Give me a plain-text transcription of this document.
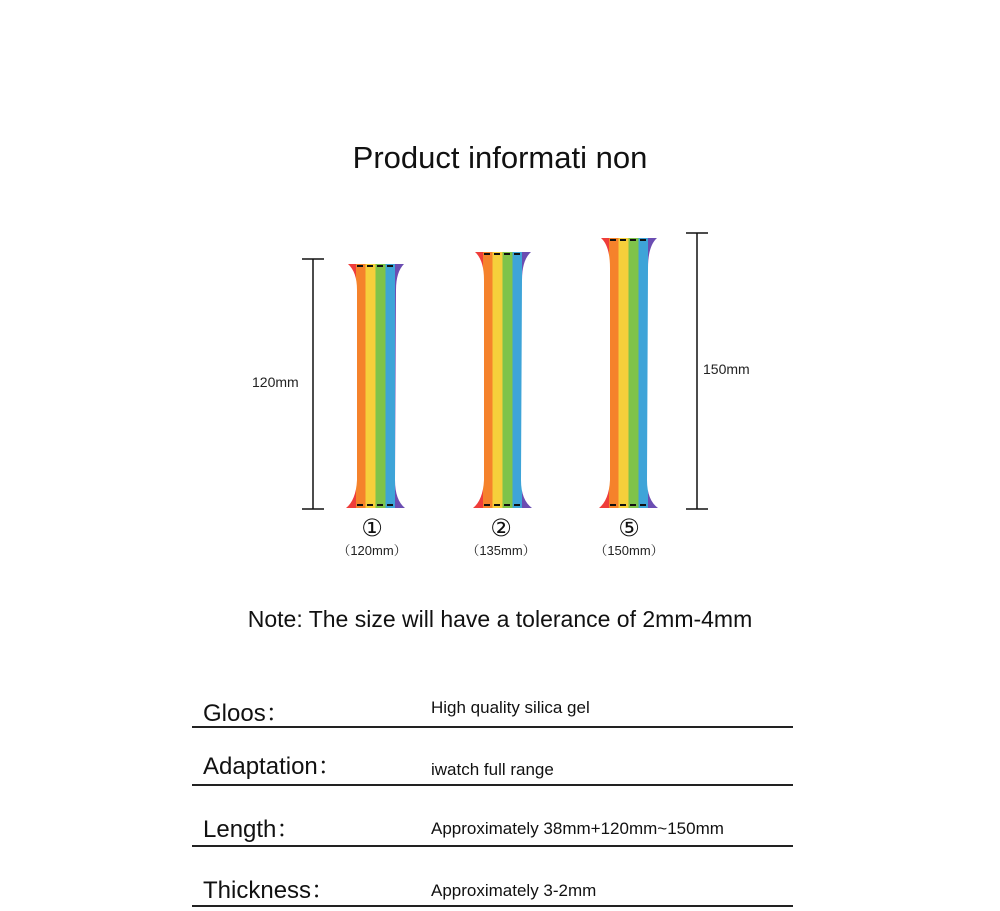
Product informati non
120mm
150mm
①
（120mm）
②
（135mm）
⑤
（150mm）
Note: The size will have a tolerance of 2mm-4mm
Gloos：	High quality silica gel
Adaptation：	iwatch full range
Length：	Approximately 38mm+120mm~150mm
Thickness：	Approximately 3-2mm
